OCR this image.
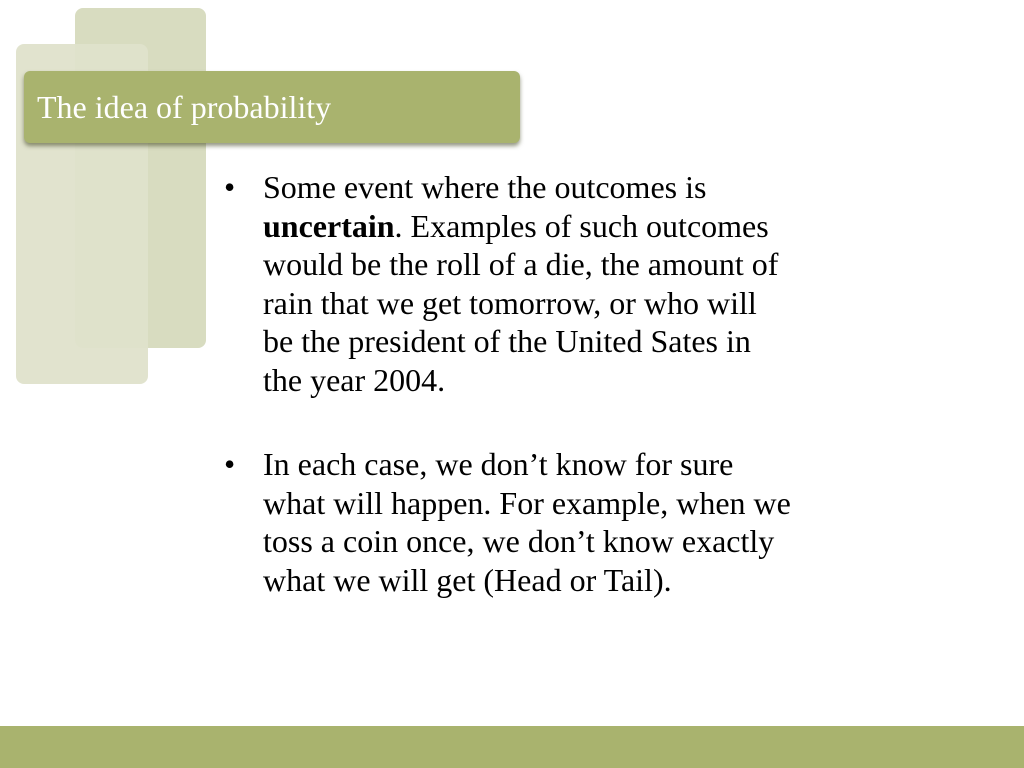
The idea of probability
• Some event where the outcomes is
uncertain. Examples of such outcomes
would be the roll of a die, the amount of
rain that we get tomorrow, or who will
be the president of the United Sates in
the year 2004.
• In each case, we don’t know for sure
what will happen. For example, when we
toss a coin once, we don’t know exactly
what we will get (Head or Tail).
